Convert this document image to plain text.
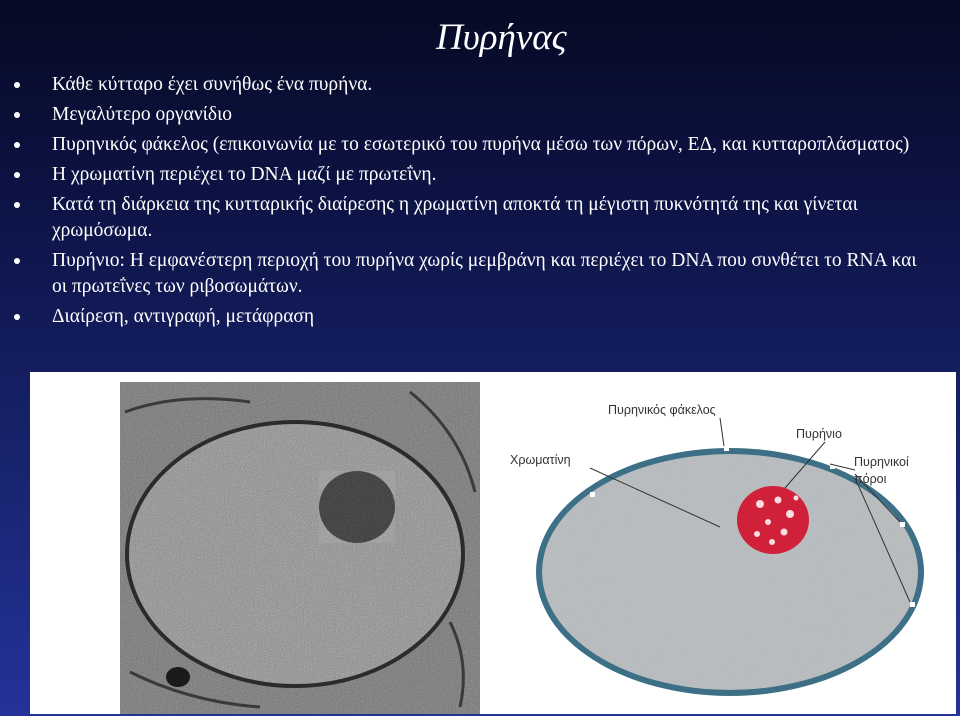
Πυρήνας
Κάθε κύτταρο έχει συνήθως ένα πυρήνα.
Μεγαλύτερο οργανίδιο
Πυρηνικός φάκελος (επικοινωνία με το εσωτερικό του πυρήνα μέσω των πόρων, ΕΔ, και κυτταροπλάσματος)
Η χρωματίνη περιέχει το DNA μαζί με πρωτεΐνη.
Κατά τη διάρκεια της κυτταρικής διαίρεσης η χρωματίνη αποκτά τη μέγιστη πυκνότητά της και γίνεται χρωμόσωμα.
Πυρήνιο: Η εμφανέστερη περιοχή του πυρήνα χωρίς μεμβράνη και περιέχει το DNA που συνθέτει το RNA και οι πρωτεΐνες των ριβοσωμάτων.
Διαίρεση, αντιγραφή, μετάφραση
Πυρηνικός φάκελος
Πυρήνιο
Χρωματίνη	Πυρηνικοί
πόροι
